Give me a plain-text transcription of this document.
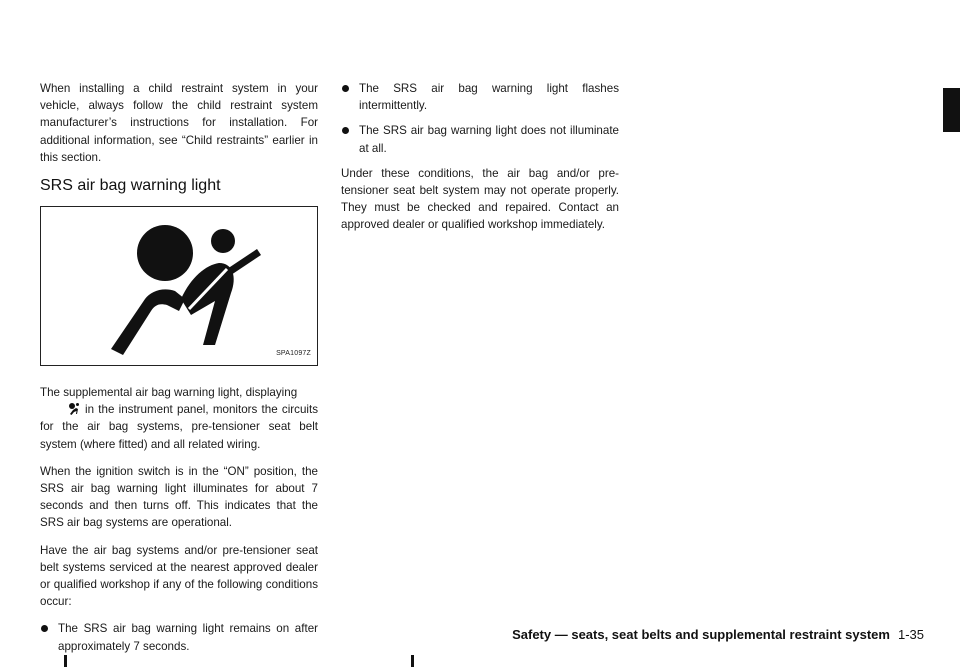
When installing a child restraint system in your vehicle, always follow the child restraint system manufacturer’s instructions for installation. For additional information, see “Child restraints” earlier in this section.

SRS air bag warning light
SPA1097Z

The supplemental air bag warning light, displaying
in the instrument panel, monitors the circuits for the air bag systems, pre-tensioner seat belt system (where fitted) and all related wiring.

When the ignition switch is in the “ON” position, the SRS air bag warning light illuminates for about 7 seconds and then turns off. This indicates that the SRS air bag systems are operational.

Have the air bag systems and/or pre-tensioner seat belt systems serviced at the nearest approved dealer or qualified workshop if any of the following conditions occur:

The SRS air bag warning light remains on after approximately 7 seconds.
The SRS air bag warning light flashes intermittently.
The SRS air bag warning light does not illuminate at all.

Under these conditions, the air bag and/or pre-tensioner seat belt system may not operate properly. They must be checked and repaired. Contact an approved dealer or qualified workshop immediately.

Safety — seats, seat belts and supplemental restraint system 1-35
